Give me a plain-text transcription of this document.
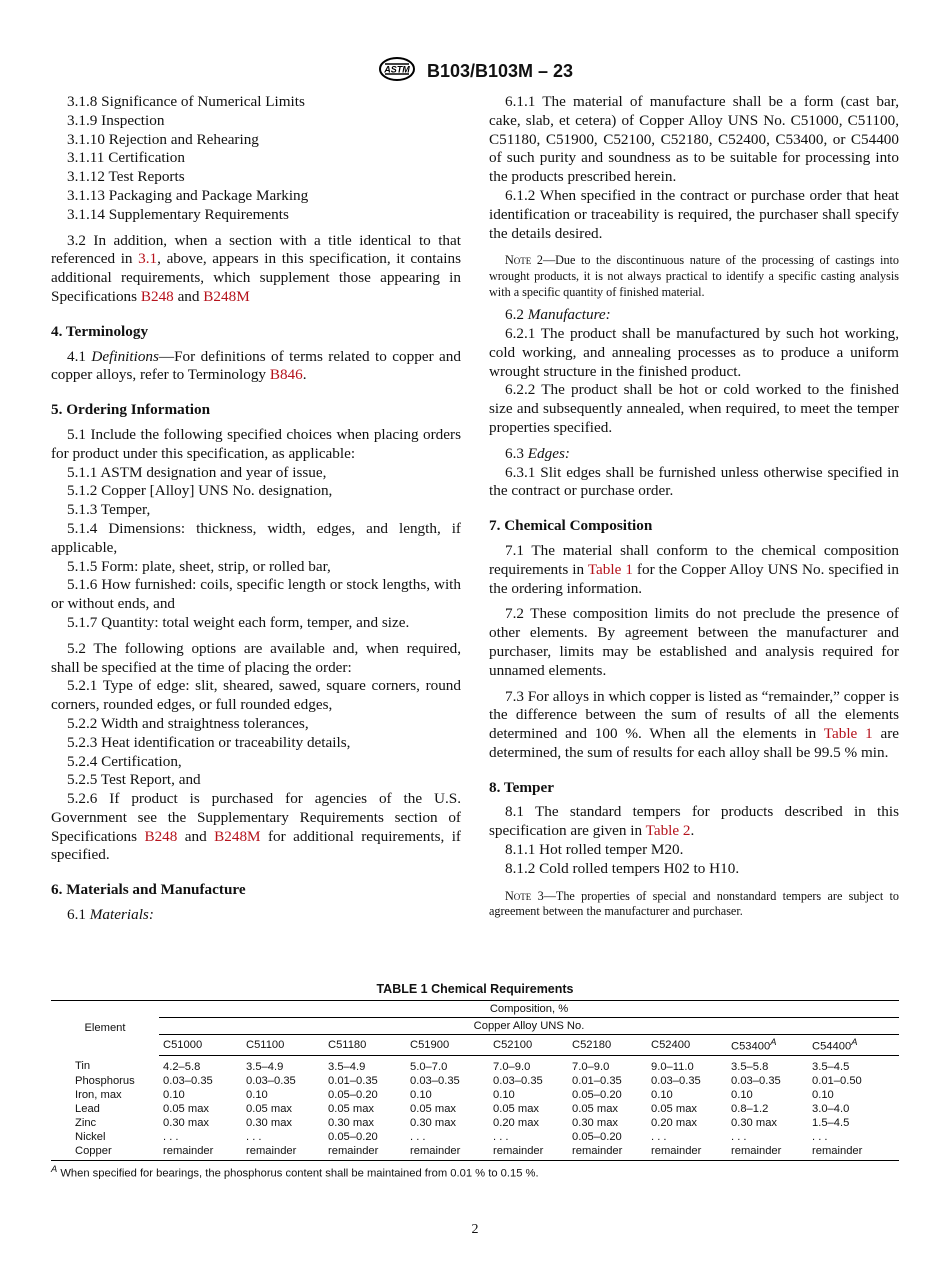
ASTM B103/B103M – 23

3.1.8 Significance of Numerical Limits

3.1.9 Inspection

3.1.10 Rejection and Rehearing

3.1.11 Certification

3.1.12 Test Reports

3.1.13 Packaging and Package Marking

3.1.14 Supplementary Requirements

3.2 In addition, when a section with a title identical to that referenced in 3.1, above, appears in this specification, it contains additional requirements, which supplement those appearing in Specifications B248 and B248M

4. Terminology

4.1 Definitions—For definitions of terms related to copper and copper alloys, refer to Terminology B846.

5. Ordering Information

5.1 Include the following specified choices when placing orders for product under this specification, as applicable:

5.1.1 ASTM designation and year of issue,

5.1.2 Copper [Alloy] UNS No. designation,

5.1.3 Temper,

5.1.4 Dimensions: thickness, width, edges, and length, if applicable,

5.1.5 Form: plate, sheet, strip, or rolled bar,

5.1.6 How furnished: coils, specific length or stock lengths, with or without ends, and

5.1.7 Quantity: total weight each form, temper, and size.

5.2 The following options are available and, when required, shall be specified at the time of placing the order:

5.2.1 Type of edge: slit, sheared, sawed, square corners, round corners, rounded edges, or full rounded edges,

5.2.2 Width and straightness tolerances,

5.2.3 Heat identification or traceability details,

5.2.4 Certification,

5.2.5 Test Report, and

5.2.6 If product is purchased for agencies of the U.S. Government see the Supplementary Requirements section of Specifications B248 and B248M for additional requirements, if specified.

6. Materials and Manufacture

6.1 Materials:

6.1.1 The material of manufacture shall be a form (cast bar, cake, slab, et cetera) of Copper Alloy UNS No. C51000, C51100, C51180, C51900, C52100, C52180, C52400, C53400, or C54400 of such purity and soundness as to be suitable for processing into the products prescribed herein.

6.1.2 When specified in the contract or purchase order that heat identification or traceability is required, the purchaser shall specify the details desired.

Note 2—Due to the discontinuous nature of the processing of castings into wrought products, it is not always practical to identify a specific casting analysis with a specific quantity of finished material.

6.2 Manufacture:

6.2.1 The product shall be manufactured by such hot working, cold working, and annealing processes as to produce a uniform wrought structure in the finished product.

6.2.2 The product shall be hot or cold worked to the finished size and subsequently annealed, when required, to meet the temper properties specified.

6.3 Edges:

6.3.1 Slit edges shall be furnished unless otherwise specified in the contract or purchase order.

7. Chemical Composition

7.1 The material shall conform to the chemical composition requirements in Table 1 for the Copper Alloy UNS No. specified in the ordering information.

7.2 These composition limits do not preclude the presence of other elements. By agreement between the manufacturer and purchaser, limits may be established and analysis required for unnamed elements.

7.3 For alloys in which copper is listed as “remainder,” copper is the difference between the sum of results of all the elements determined and 100 %. When all the elements in Table 1 are determined, the sum of results for each alloy shall be 99.5 % min.

8. Temper

8.1 The standard tempers for products described in this specification are given in Table 2.

8.1.1 Hot rolled temper M20.

8.1.2 Cold rolled tempers H02 to H10.

Note 3—The properties of special and nonstandard tempers are subject to agreement between the manufacturer and purchaser.

TABLE 1 Chemical Requirements
Element	Composition, %								
	Copper Alloy UNS No.								
	C51000	C51100	C51180	C51900	C52100	C52180	C52400	$C53400^A$	$C54400^A$
Tin	4.2–5.8	3.5–4.9	3.5–4.9	5.0–7.0	7.0–9.0	7.0–9.0	9.0–11.0	3.5–5.8	3.5–4.5
Phosphorus	0.03–0.35	0.03–0.35	0.01–0.35	0.03–0.35	0.03–0.35	0.01–0.35	0.03–0.35	0.03–0.35	0.01–0.50
Iron, max	0.10	0.10	0.05–0.20	0.10	0.10	0.05–0.20	0.10	0.10	0.10
Lead	0.05 max	0.05 max	0.05 max	0.05 max	0.05 max	0.05 max	0.05 max	0.8–1.2	3.0–4.0
Zinc	0.30 max	0.30 max	0.30 max	0.30 max	0.20 max	0.30 max	0.20 max	0.30 max	1.5–4.5
Nickel	. . .	. . .	0.05–0.20	. . .	. . .	0.05–0.20	. . .	. . .	. . .
Copper	remainder	remainder	remainder	remainder	remainder	remainder	remainder	remainder	remainder
$^A$ When specified for bearings, the phosphorus content shall be maintained from 0.01 % to 0.15 %.
2
